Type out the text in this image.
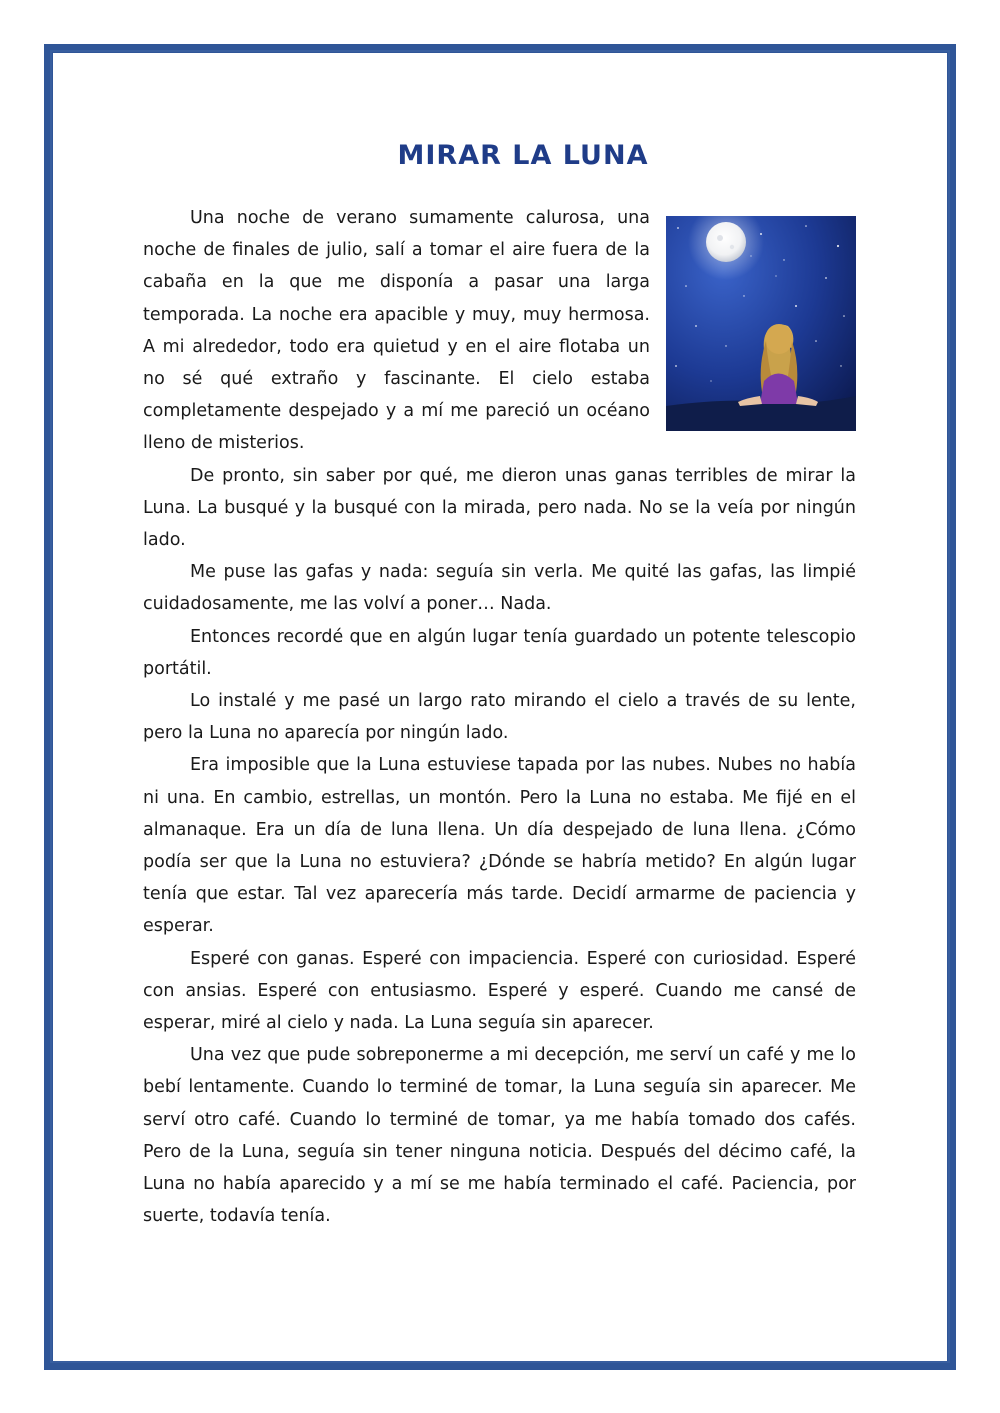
MIRAR LA LUNA

Una noche de verano sumamente calurosa, una noche de finales de julio, salí a tomar el aire fuera de la cabaña en la que me disponía a pasar una larga temporada. La noche era apacible y muy, muy hermosa. A mi alrededor, todo era quietud y en el aire flotaba un no sé qué extraño y fascinante. El cielo estaba completamente despejado y a mí me pareció un océano lleno de misterios.

De pronto, sin saber por qué, me dieron unas ganas terribles de mirar la Luna. La busqué y la busqué con la mirada, pero nada. No se la veía por ningún lado.

Me puse las gafas y nada: seguía sin verla. Me quité las gafas, las limpié cuidadosamente, me las volví a poner… Nada.

Entonces recordé que en algún lugar tenía guardado un potente telescopio portátil.

Lo instalé y me pasé un largo rato mirando el cielo a través de su lente, pero la Luna no aparecía por ningún lado.

Era imposible que la Luna estuviese tapada por las nubes. Nubes no había ni una. En cambio, estrellas, un montón. Pero la Luna no estaba. Me fijé en el almanaque. Era un día de luna llena. Un día despejado de luna llena. ¿Cómo podía ser que la Luna no estuviera? ¿Dónde se habría metido? En algún lugar tenía que estar. Tal vez aparecería más tarde. Decidí armarme de paciencia y esperar.

Esperé con ganas. Esperé con impaciencia. Esperé con curiosidad. Esperé con ansias. Esperé con entusiasmo. Esperé y esperé. Cuando me cansé de esperar, miré al cielo y nada. La Luna seguía sin aparecer.

Una vez que pude sobreponerme a mi decepción, me serví un café y me lo bebí lentamente. Cuando lo terminé de tomar, la Luna seguía sin aparecer. Me serví otro café. Cuando lo terminé de tomar, ya me había tomado dos cafés. Pero de la Luna, seguía sin tener ninguna noticia. Después del décimo café, la Luna no había aparecido y a mí se me había terminado el café. Paciencia, por suerte, todavía tenía.
